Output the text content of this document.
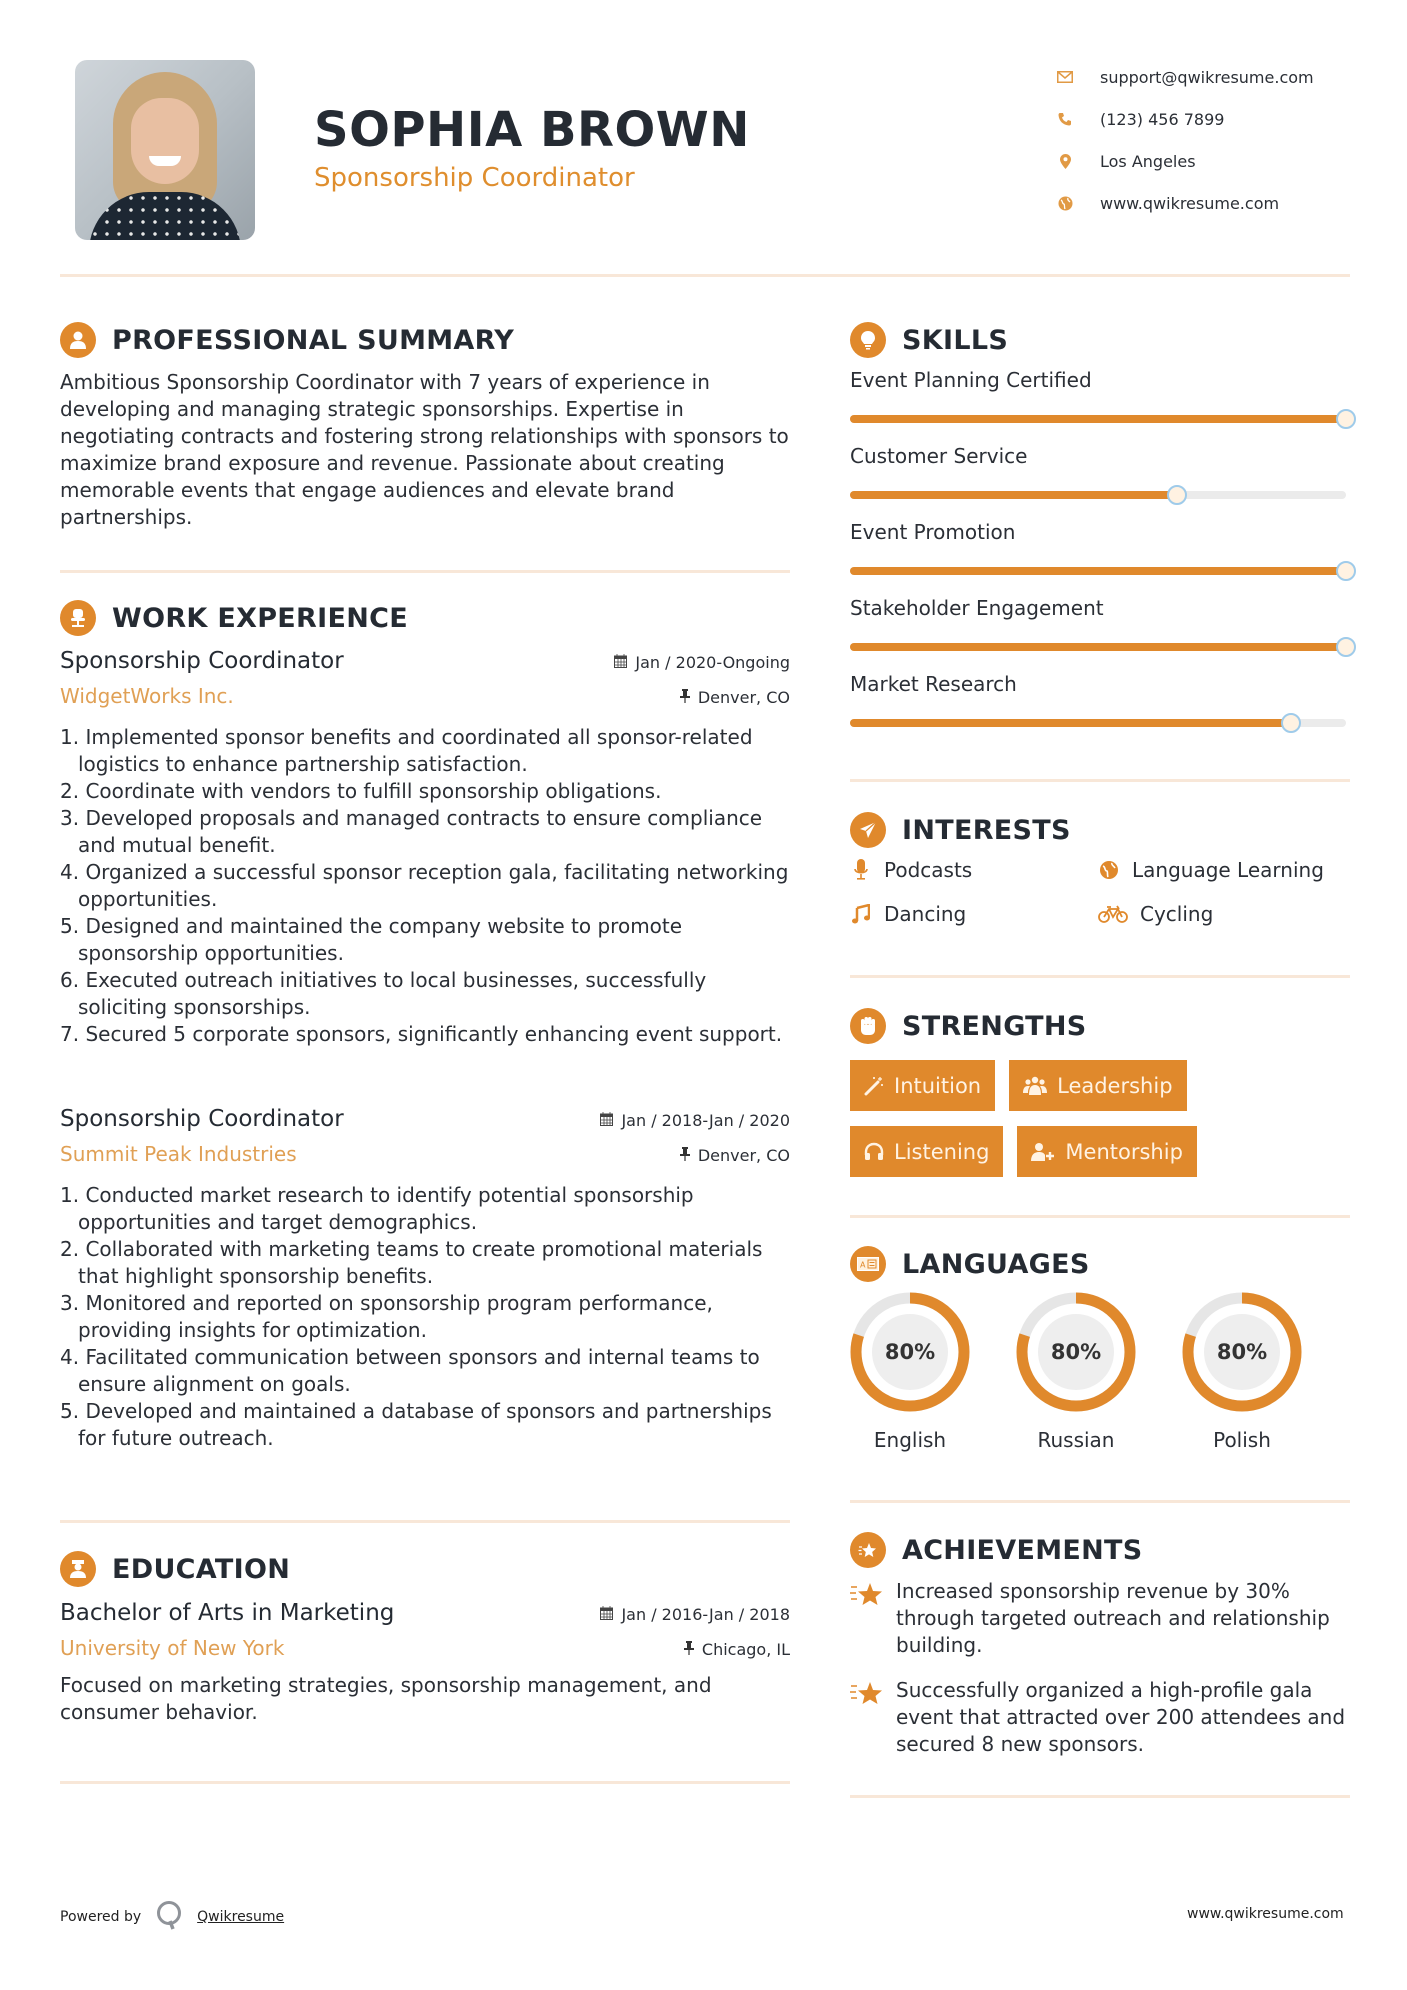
SOPHIA BROWN
Sponsorship Coordinator
support@qwikresume.com
(123) 456 7899
Los Angeles
www.qwikresume.com
PROFESSIONAL SUMMARY

Ambitious Sponsorship Coordinator with 7 years of experience in developing and managing strategic sponsorships. Expertise in negotiating contracts and fostering strong relationships with sponsors to maximize brand exposure and revenue. Passionate about creating memorable events that engage audiences and elevate brand partnerships.

WORK EXPERIENCE
Sponsorship Coordinator	Jan / 2020-Ongoing
WidgetWorks Inc.	Denver, CO
1. Implemented sponsor benefits and coordinated all sponsor-related logistics to enhance partnership satisfaction.
2. Coordinate with vendors to fulfill sponsorship obligations.
3. Developed proposals and managed contracts to ensure compliance and mutual benefit.
4. Organized a successful sponsor reception gala, facilitating networking opportunities.
5. Designed and maintained the company website to promote sponsorship opportunities.
6. Executed outreach initiatives to local businesses, successfully soliciting sponsorships.
7. Secured 5 corporate sponsors, significantly enhancing event support.
Sponsorship Coordinator	Jan / 2018-Jan / 2020
Summit Peak Industries	Denver, CO
1. Conducted market research to identify potential sponsorship opportunities and target demographics.
2. Collaborated with marketing teams to create promotional materials that highlight sponsorship benefits.
3. Monitored and reported on sponsorship program performance, providing insights for optimization.
4. Facilitated communication between sponsors and internal teams to ensure alignment on goals.
5. Developed and maintained a database of sponsors and partnerships for future outreach.
EDUCATION
Bachelor of Arts in Marketing	Jan / 2016-Jan / 2018
University of New York	Chicago, IL

Focused on marketing strategies, sponsorship management, and consumer behavior.

SKILLS
Event Planning Certified
Customer Service
Event Promotion
Stakeholder Engagement
Market Research
INTERESTS
Podcasts	Language Learning
Dancing	Cycling
STRENGTHS
Intuition	Leadership
Listening	Mentorship
A LANGUAGES
80%
English
80%
Russian
80%
Polish
ACHIEVEMENTS
Increased sponsorship revenue by 30% through targeted outreach and relationship building.
Successfully organized a high-profile gala event that attracted over 200 attendees and secured 8 new sponsors.
Powered by	Qwikresume	www.qwikresume.com
